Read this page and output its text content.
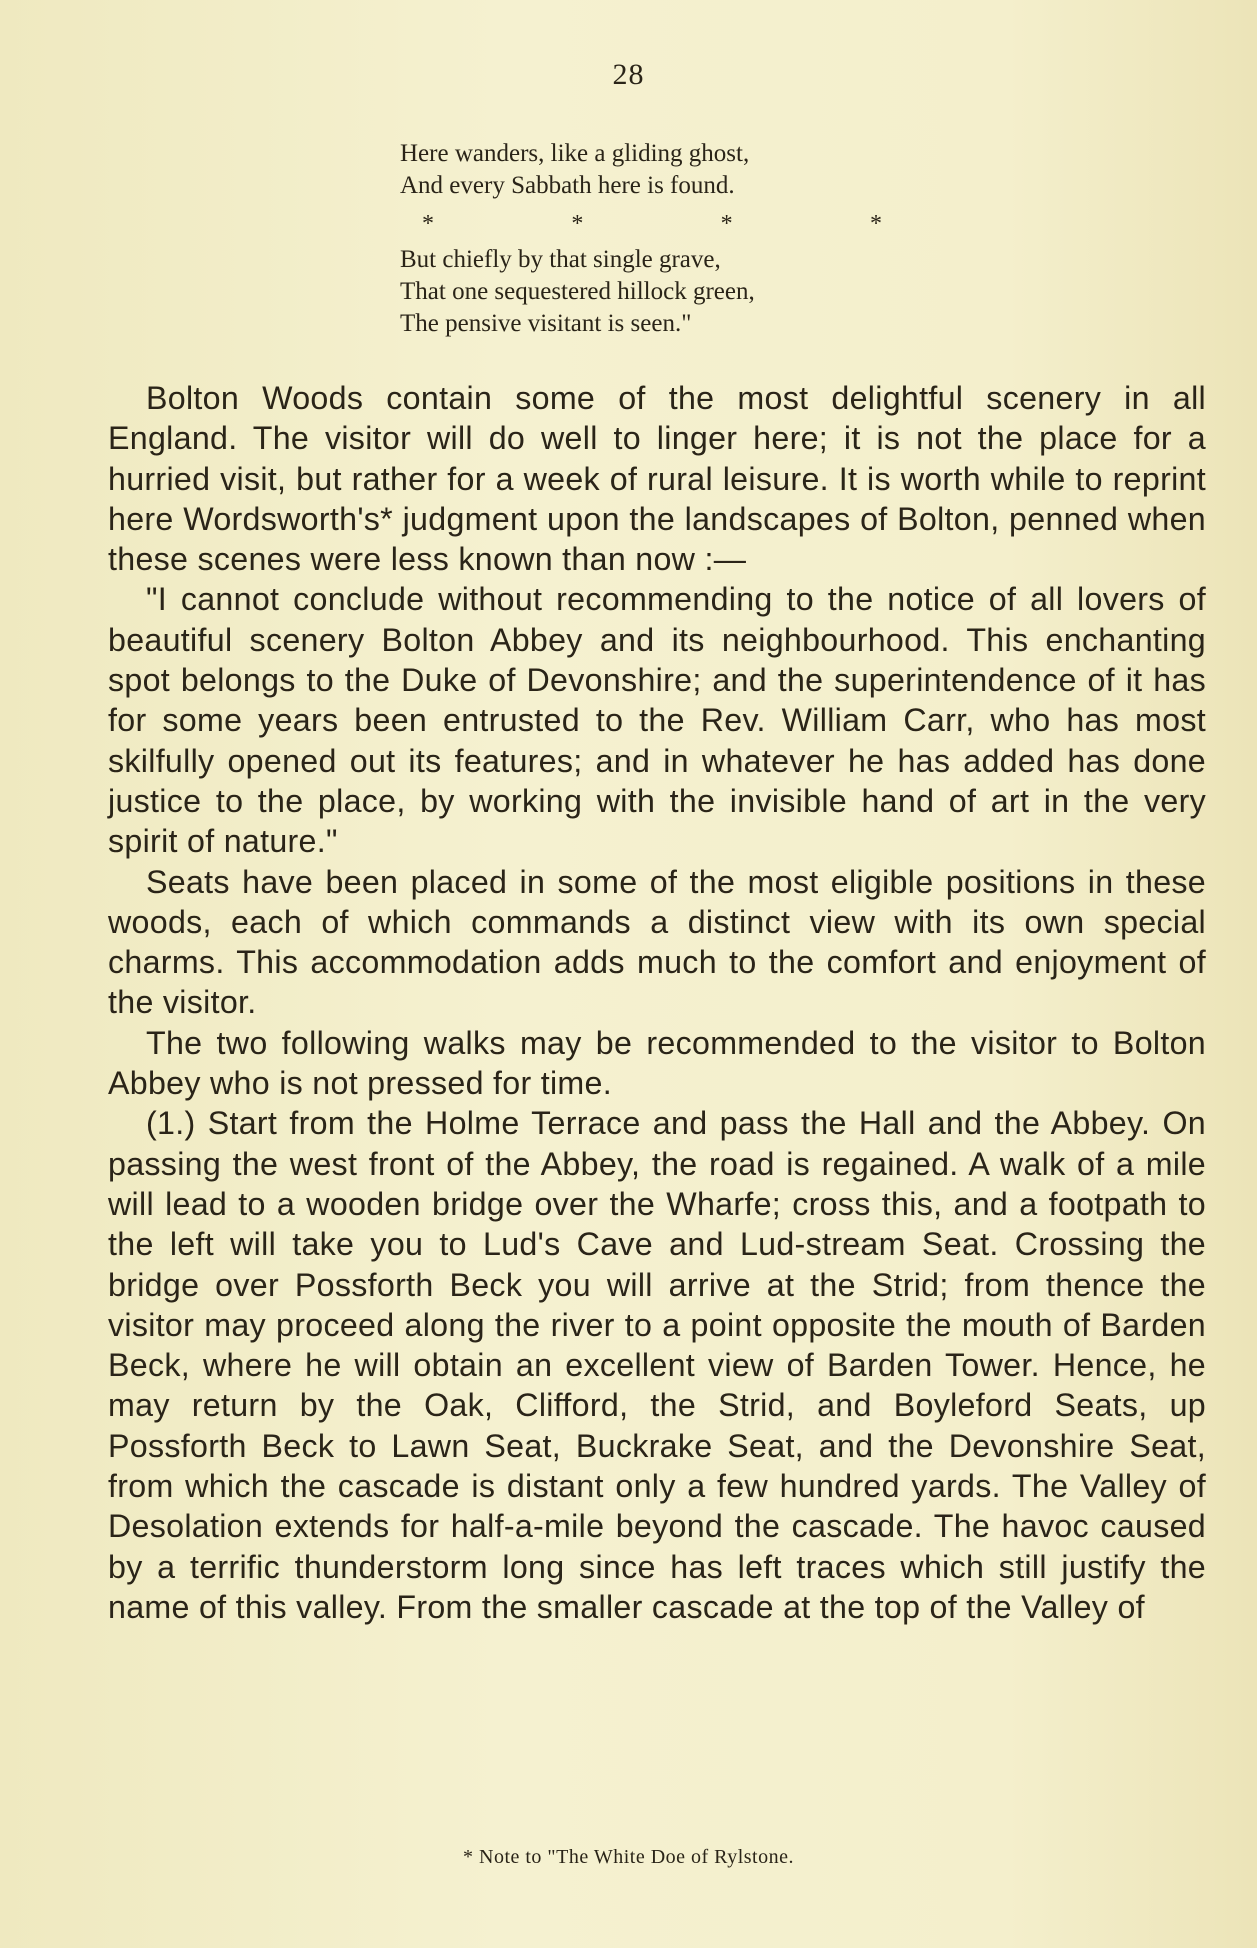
28
Here wanders, like a gliding ghost,
And every Sabbath here is found.
*	*	*	*
But chiefly by that single grave,
That one sequestered hillock green,
The pensive visitant is seen."

Bolton Woods contain some of the most delightful scenery in all England. The visitor will do well to linger here; it is not the place for a hurried visit, but rather for a week of rural leisure. It is worth while to reprint here Wordsworth's* judgment upon the landscapes of Bolton, penned when these scenes were less known than now :—

"I cannot conclude without recommending to the notice of all lovers of beautiful scenery Bolton Abbey and its neighbourhood. This enchanting spot belongs to the Duke of Devonshire; and the superintendence of it has for some years been entrusted to the Rev. William Carr, who has most skilfully opened out its features; and in whatever he has added has done justice to the place, by working with the invisible hand of art in the very spirit of nature."

Seats have been placed in some of the most eligible positions in these woods, each of which commands a distinct view with its own special charms. This accommodation adds much to the comfort and enjoyment of the visitor.

The two following walks may be recommended to the visitor to Bolton Abbey who is not pressed for time.

(1.) Start from the Holme Terrace and pass the Hall and the Abbey. On passing the west front of the Abbey, the road is regained. A walk of a mile will lead to a wooden bridge over the Wharfe; cross this, and a footpath to the left will take you to Lud's Cave and Lud-stream Seat. Crossing the bridge over Possforth Beck you will arrive at the Strid; from thence the visitor may proceed along the river to a point opposite the mouth of Barden Beck, where he will obtain an excellent view of Barden Tower. Hence, he may return by the Oak, Clifford, the Strid, and Boyleford Seats, up Possforth Beck to Lawn Seat, Buckrake Seat, and the Devonshire Seat, from which the cascade is distant only a few hundred yards. The Valley of Desolation extends for half-a-mile beyond the cascade. The havoc caused by a terrific thunderstorm long since has left traces which still justify the name of this valley. From the smaller cascade at the top of the Valley of

* Note to "The White Doe of Rylstone.
